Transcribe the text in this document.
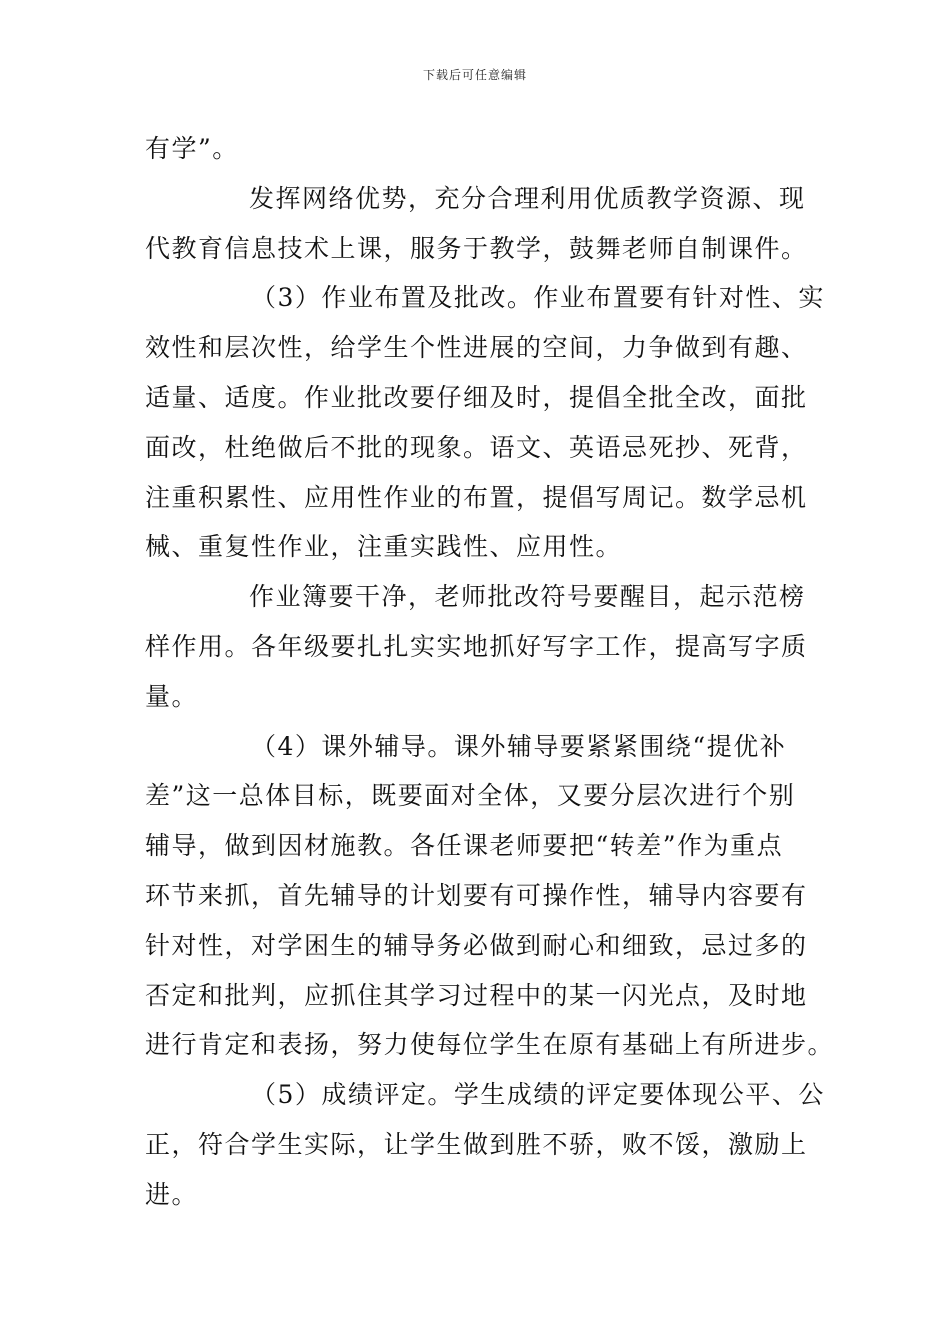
下载后可任意编辑
有学”。
发挥网络优势，充分合理利用优质教学资源、现
代教育信息技术上课，服务于教学，鼓舞老师自制课件。
（3）作业布置及批改。作业布置要有针对性、实
效性和层次性，给学生个性进展的空间，力争做到有趣、
适量、适度。作业批改要仔细及时，提倡全批全改，面批
面改，杜绝做后不批的现象。语文、英语忌死抄、死背，
注重积累性、应用性作业的布置，提倡写周记。数学忌机
械、重复性作业，注重实践性、应用性。
作业簿要干净，老师批改符号要醒目，起示范榜
样作用。各年级要扎扎实实地抓好写字工作，提高写字质
量。
（4）课外辅导。课外辅导要紧紧围绕“提优补
差”这一总体目标，既要面对全体，又要分层次进行个别
辅导，做到因材施教。各任课老师要把“转差”作为重点
环节来抓，首先辅导的计划要有可操作性，辅导内容要有
针对性，对学困生的辅导务必做到耐心和细致，忌过多的
否定和批判，应抓住其学习过程中的某一闪光点，及时地
进行肯定和表扬，努力使每位学生在原有基础上有所进步。
（5）成绩评定。学生成绩的评定要体现公平、公
正，符合学生实际，让学生做到胜不骄，败不馁，激励上
进。
